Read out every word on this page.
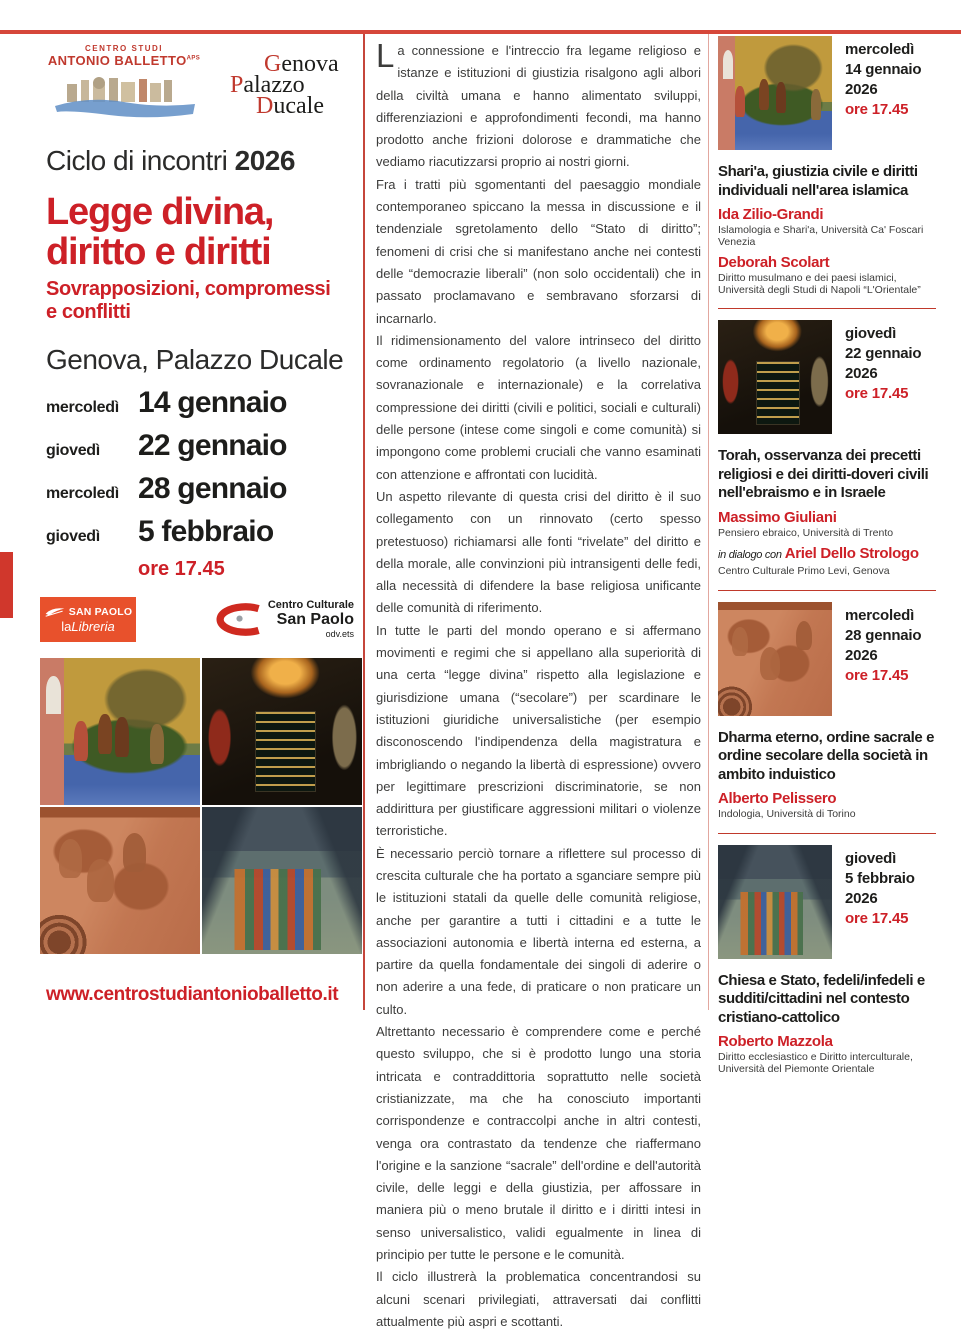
CENTRO STUDI
ANTONIO $BALLETTO^{APS}$	Genova
Palazzo
Ducale
Ciclo di incontri 2026
Legge divina,
diritto e diritti
Sovrapposizioni, compromessi
e conflitti
Genova, Palazzo Ducale
mercoledì 14 gennaio
giovedì	22 gennaio
mercoledì 28 gennaio
giovedì	5 febbraio
ore 17.45
SAN PAOLO
laLibreria
Centro Culturale
San Paolo
odv.ets
www.centrostudiantonioballetto.it

La connessione e l'intreccio fra legame religioso e istanze e istituzioni di giustizia risalgono agli albori della civiltà umana e hanno alimentato sviluppi, differenziazioni e approfondimenti fecondi, ma hanno prodotto anche frizioni dolorose e drammatiche che vediamo riacutizzarsi proprio ai nostri giorni.

Fra i tratti più sgomentanti del paesaggio mondiale contemporaneo spiccano la messa in discussione e il tendenziale sgretolamento dello “Stato di diritto”; fenomeni di crisi che si manifestano anche nei contesti delle “democrazie liberali” (non solo occidentali) che in passato proclamavano e sembravano sforzarsi di incarnarlo.

Il ridimensionamento del valore intrinseco del diritto come ordinamento regolatorio (a livello nazionale, sovranazionale e internazionale) e la correlativa compressione dei diritti (civili e politici, sociali e culturali) delle persone (intese come singoli e come comunità) si impongono come problemi cruciali che vanno esaminati con attenzione e affrontati con lucidità.

Un aspetto rilevante di questa crisi del diritto è il suo collegamento con un rinnovato (certo spesso pretestuoso) richiamarsi alle fonti “rivelate” del diritto e della morale, alle convinzioni più intransigenti delle fedi, alla necessità di difendere la base religiosa unificante delle comunità di riferimento.

In tutte le parti del mondo operano e si affermano movimenti e regimi che si appellano alla superiorità di una certa “legge divina” rispetto alla legislazione e giurisdizione umana (“secolare”) per scardinare le istituzioni giuridiche universalistiche (per esempio disconoscendo l'indipendenza della magistratura e imbrigliando o negando la libertà di espressione) ovvero per legittimare prescrizioni discriminatorie, se non addirittura per giustificare aggressioni militari o violenze terroristiche.

È necessario perciò tornare a riflettere sul processo di crescita culturale che ha portato a sganciare sempre più le istituzioni statali da quelle delle comunità religiose, anche per garantire a tutti i cittadini e a tutte le associazioni autonomia e libertà interna ed esterna, a partire da quella fondamentale dei singoli di aderire o non aderire a una fede, di praticare o non praticare un culto.

Altrettanto necessario è comprendere come e perché questo sviluppo, che si è prodotto lungo una storia intricata e contraddittoria soprattutto nelle società cristianizzate, ma che ha conosciuto importanti corrispondenze e contraccolpi anche in altri contesti, venga ora contrastato da tendenze che riaffermano l'origine e la sanzione “sacrale” dell'ordine e dell'autorità civile, delle leggi e della giustizia, per affossare in maniera più o meno brutale il diritto e i diritti intesi in senso universalistico, validi egualmente in linea di principio per tutte le persone e le comunità.

Il ciclo illustrerà la problematica concentrandosi su alcuni scenari privilegiati, attraversati dai conflitti attualmente più aspri e scottanti.

mercoledì
14 gennaio 2026
ore 17.45
Shari'a, giustizia civile e diritti individuali nell'area islamica
Ida Zilio-Grandi
Islamologia e Shari'a, Università Ca' Foscari Venezia
Deborah Scolart
Diritto musulmano e dei paesi islamici, Università degli Studi di Napoli “L'Orientale”
giovedì
22 gennaio 2026
ore 17.45
Torah, osservanza dei precetti religiosi e dei diritti-doveri civili nell'ebraismo e in Israele
Massimo Giuliani
Pensiero ebraico, Università di Trento
in dialogo con Ariel Dello Strologo
Centro Culturale Primo Levi, Genova
mercoledì
28 gennaio 2026
ore 17.45
Dharma eterno, ordine sacrale e ordine secolare della società in ambito induistico
Alberto Pelissero
Indologia, Università di Torino
giovedì
5 febbraio 2026
ore 17.45
Chiesa e Stato, fedeli/infedeli e sudditi/cittadini nel contesto cristiano-cattolico
Roberto Mazzola
Diritto ecclesiastico e Diritto interculturale, Università del Piemonte Orientale
